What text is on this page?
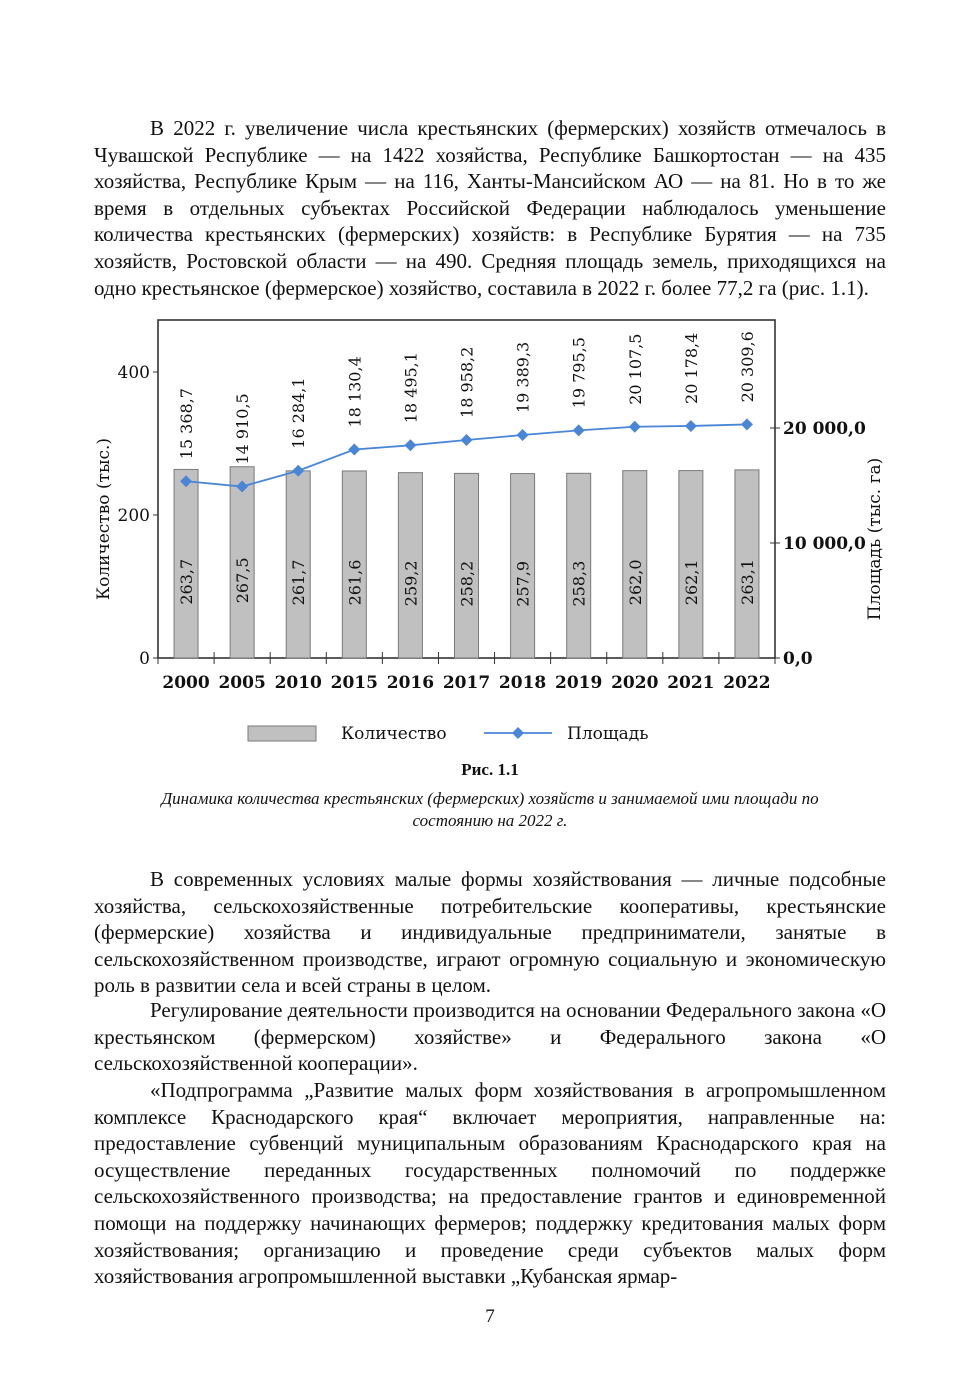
В 2022 г. увеличение числа крестьянских (фермерских) хозяйств отмечалось в Чувашской Республике — на 1422 хозяйства, Республике Башкортостан — на 435 хозяйства, Республике Крым — на 116, Ханты-Мансийском АО — на 81. Но в то же время в отдельных субъектах Российской Федерации наблюдалось уменьшение количества крестьянских (фермерских) хозяйств: в Республике Бурятия — на 735 хозяйств, Ростовской области — на 490. Средняя площадь земель, приходящихся на одно крестьянское (фермерское) хозяйство, составила в 2022 г. более 77,2 га (рис. 1.1).

263,7 267,5 261,7 261,6 259,2 258,2 257,9 258,3 262,0 262,1 263,1
2000 2005 2010 2015 2016 2017 2018 2019 2020 2021 2022
0
200
400
0,0
10 000,0
20 000,0
Количество (тыс.)	Площадь (тыс. га)
15 368,7 14 910,5 16 284,1 18 130,4 18 495,1 18 958,2 19 389,3 19 795,5 20 107,5 20 178,4 20 309,6
Количество	Площадь
Рис. 1.1
Динамика количества крестьянских (фермерских) хозяйств и занимаемой ими площади по состоянию на 2022 г.

В современных условиях малые формы хозяйствования — личные подсобные хозяйства, сельскохозяйственные потребительские кооперативы, крестьянские (фермерские) хозяйства и индивидуальные предприниматели, занятые в сельскохозяйственном производстве, играют огромную социальную и экономическую роль в развитии села и всей страны в целом.

Регулирование деятельности производится на основании Федерального закона «О крестьянском (фермерском) хозяйстве» и Федерального закона «О сельскохозяйственной кооперации».

«Подпрограмма „Развитие малых форм хозяйствования в агропромышленном комплексе Краснодарского края“ включает мероприятия, направленные на: предоставление субвенций муниципальным образованиям Краснодарского края на осуществление переданных государственных полномочий по поддержке сельскохозяйственного производства; на предоставление грантов и единовременной помощи на поддержку начинающих фермеров; поддержку кредитования малых форм хозяйствования; организацию и проведение среди субъектов малых форм хозяйствования агропромышленной выставки „Кубанская ярмар-

7
